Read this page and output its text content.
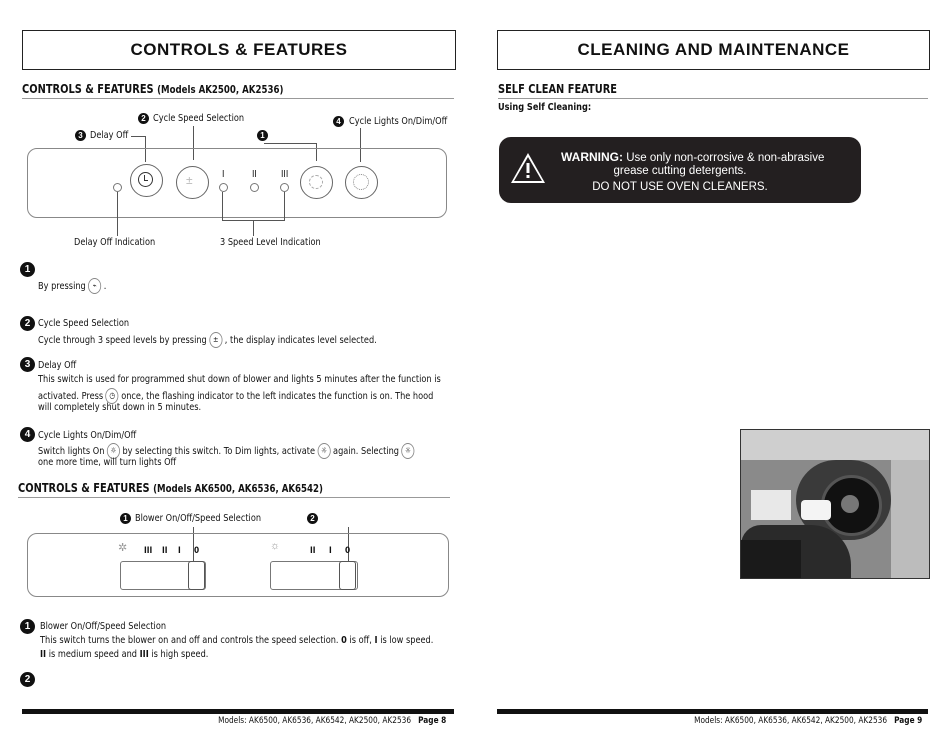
CONTROLS & FEATURES
CONTROLS & FEATURES (Models AK2500, AK2536)
2 Cycle Speed Selection	4 Cycle Lights On/Dim/Off
3 Delay Off	1
±	I	II III
Delay Off Indication	3 Speed Level Indication
1
By pressing ⌁ .
2 Cycle Speed Selection
Cycle through 3 speed levels by pressing ± , the display indicates level selected.
3 Delay Off
This switch is used for programmed shut down of blower and lights 5 minutes after the function is
activated. Press ◷ once, the flashing indicator to the left indicates the function is on. The hood
will completely shut down in 5 minutes.
4 Cycle Lights On/Dim/Off
Switch lights On ☼ by selecting this switch. To Dim lights, activate ☼ again. Selecting ☼
one more time, will turn lights Off
CONTROLS & FEATURES (Models AK6500, AK6536, AK6542)
1 Blower On/Off/Speed Selection	2
✲ III II I 0	☼	II I 0
1 Blower On/Off/Speed Selection
This switch turns the blower on and off and controls the speed selection. 0 is off, I is low speed.
II is medium speed and III is high speed.
2
Models: AK6500, AK6536, AK6542, AK2500, AK2536 Page 8
CLEANING AND MAINTENANCE
SELF CLEAN FEATURE
Using Self Cleaning:
WARNING: Use only non-corrosive & non-abrasive
grease cutting detergents.
DO NOT USE OVEN CLEANERS.
Models: AK6500, AK6536, AK6542, AK2500, AK2536 Page 9
